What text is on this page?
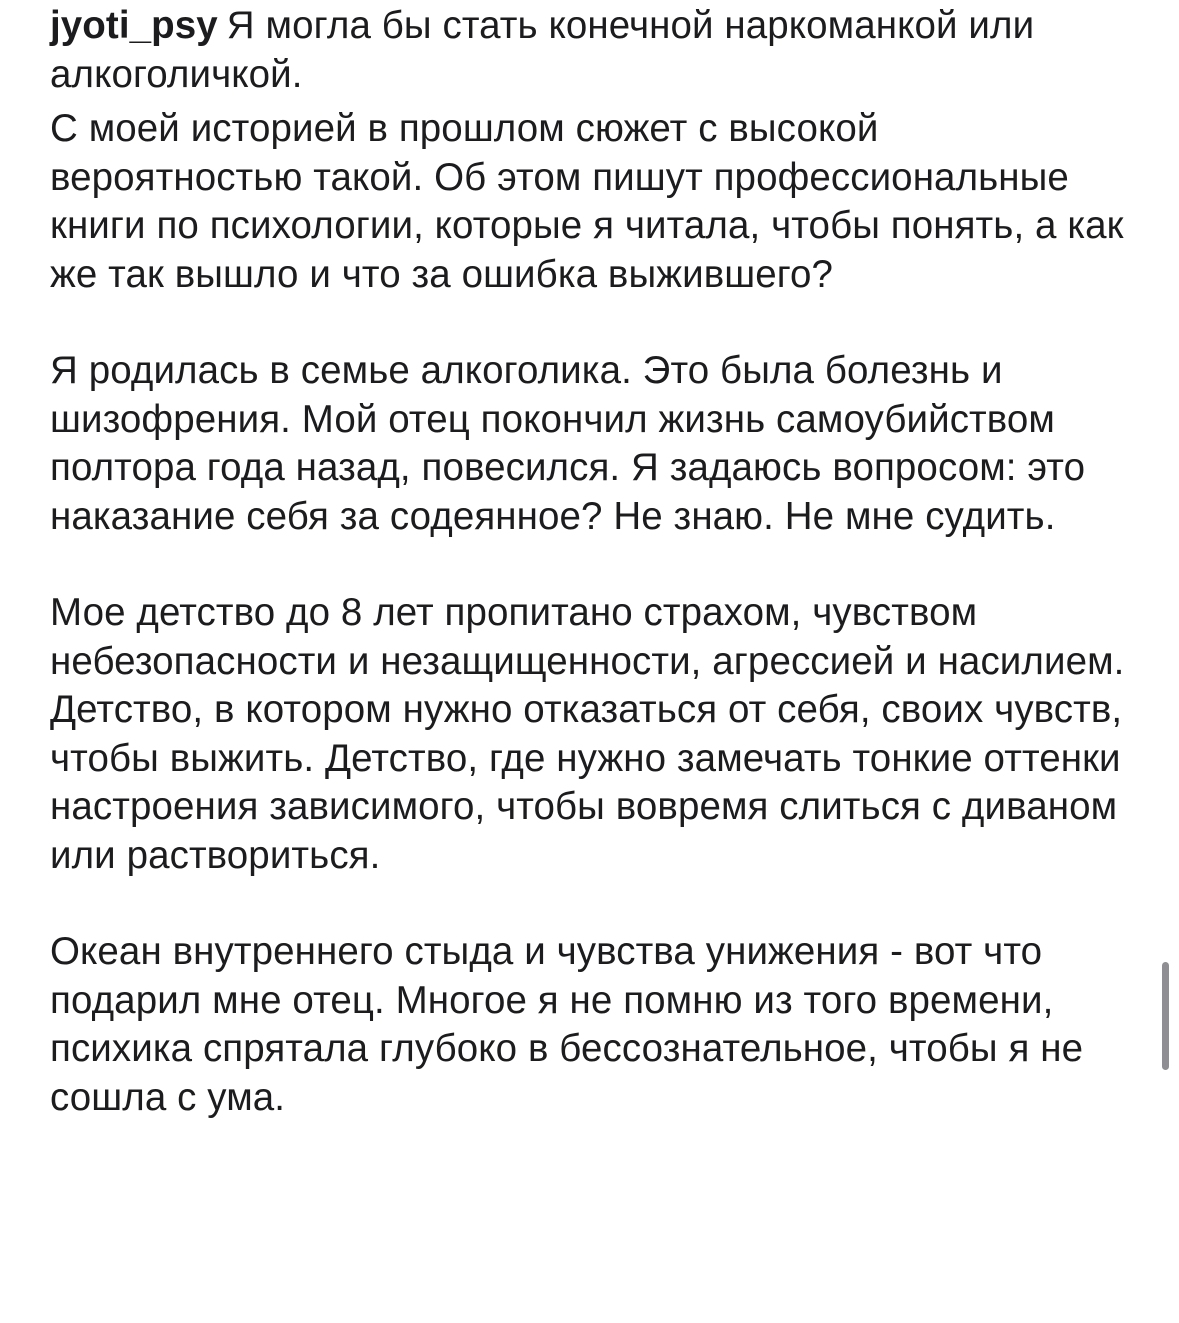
jyoti_psy Я могла бы стать конечной наркоманкой или алкоголичкой.

С моей историей в прошлом сюжет с высокой вероятностью такой. Об этом пишут профессиональные книги по психологии, которые я читала, чтобы понять, а как же так вышло и что за ошибка выжившего?

Я родилась в семье алкоголика. Это была болезнь и шизофрения. Мой отец покончил жизнь самоубийством полтора года назад, повесился. Я задаюсь вопросом: это наказание себя за содеянное? Не знаю. Не мне судить.

Мое детство до 8 лет пропитано страхом, чувством небезопасности и незащищенности, агрессией и насилием. Детство, в котором нужно отказаться от себя, своих чувств, чтобы выжить. Детство, где нужно замечать тонкие оттенки настроения зависимого, чтобы вовремя слиться с диваном или раствориться.

Океан внутреннего стыда и чувства унижения - вот что подарил мне отец. Многое я не помню из того времени, психика спрятала глубоко в бессознательное, чтобы я не сошла с ума.
